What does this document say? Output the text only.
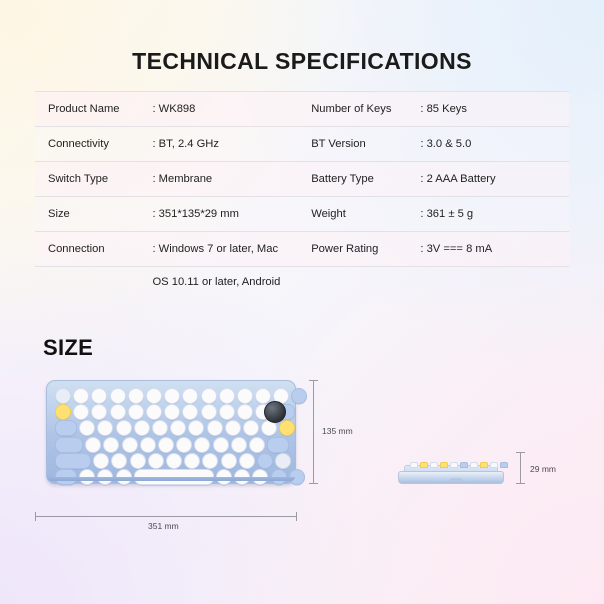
TECHNICAL SPECIFICATIONS
Product Name	: WK898	Number of Keys	: 85 Keys
Connectivity	: BT, 2.4 GHz	BT Version	: 3.0 & 5.0
Switch Type	: Membrane	Battery Type	: 2 AAA Battery
Size	: 351*135*29 mm	Weight	: 361 ± 5 g
Connection	: Windows 7 or later, Mac	Power Rating	: 3V === 8 mA
	OS 10.11 or later, Android		
SIZE
135 mm
351 mm
29 mm
